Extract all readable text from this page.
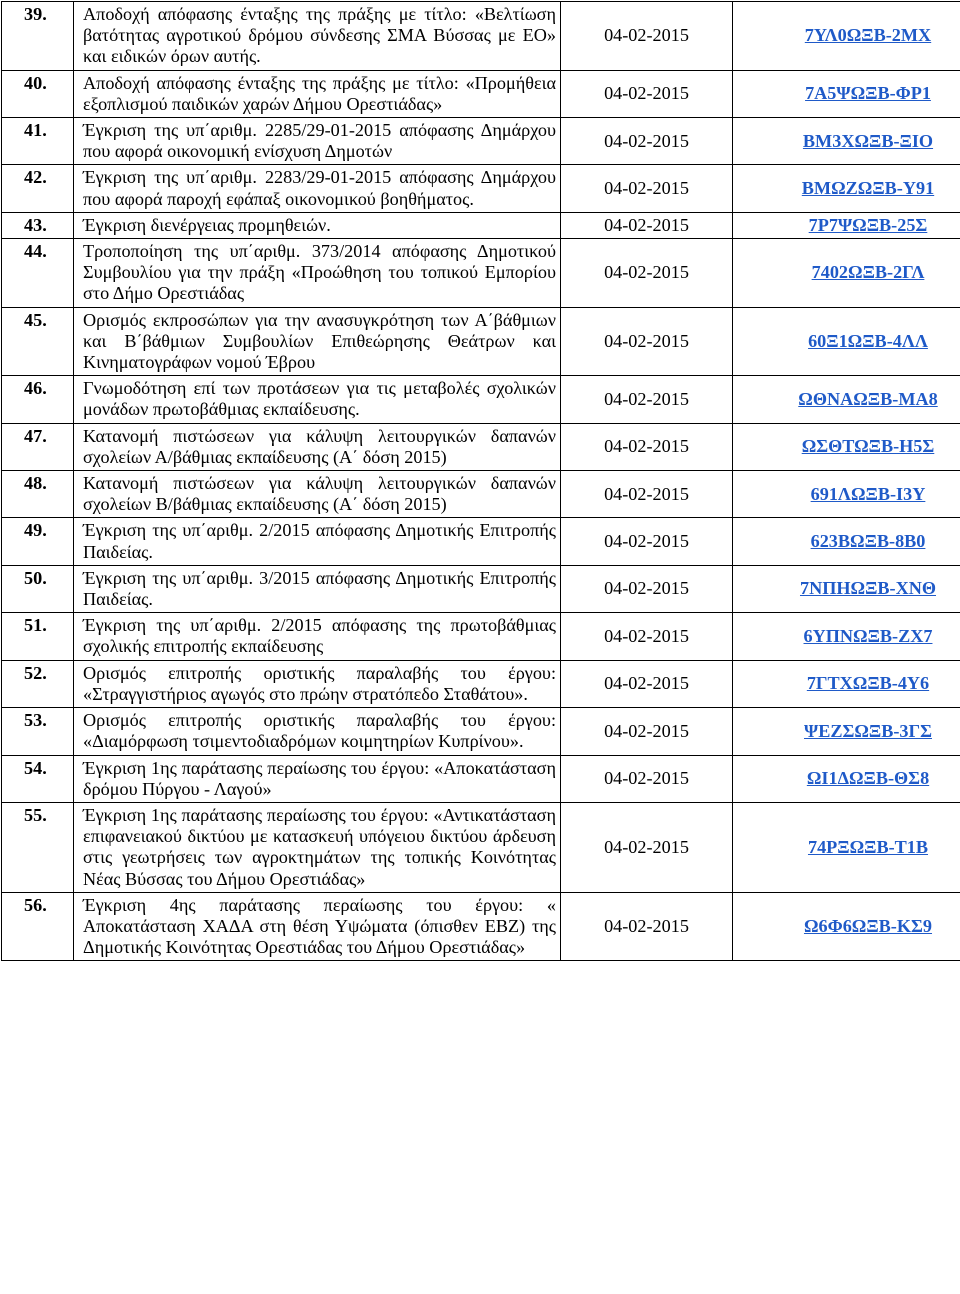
39.	Αποδοχή απόφασης ένταξης της πράξης με τίτλο: «Βελτίωση βατότητας αγροτικού δρόμου σύνδεσης ΣΜΑ Βύσσας με ΕΟ» και ειδικών όρων αυτής.	04-02-2015	7ΥΛ0ΩΞΒ-2ΜΧ
40.	Αποδοχή απόφασης ένταξης της πράξης με τίτλο: «Προμήθεια εξοπλισμού παιδικών χαρών Δήμου Ορεστιάδας»	04-02-2015	7Α5ΨΩΞΒ-ΦΡ1
41.	Έγκριση της υπ΄αριθμ. 2285/29-01-2015 απόφασης Δημάρχου που αφορά οικονομική ενίσχυση Δημοτών	04-02-2015	ΒΜ3ΧΩΞΒ-ΞΙΟ
42.	Έγκριση της υπ΄αριθμ. 2283/29-01-2015 απόφασης Δημάρχου που αφορά παροχή εφάπαξ οικονομικού βοηθήματος.	04-02-2015	ΒΜΩΖΩΞΒ-Υ91
43.	Έγκριση διενέργειας προμηθειών.	04-02-2015	7Ρ7ΨΩΞΒ-25Σ
44.	Τροποποίηση της υπ΄αριθμ. 373/2014 απόφασης Δημοτικού Συμβουλίου για την πράξη «Προώθηση του τοπικού Εμπορίου στο Δήμο Ορεστιάδας	04-02-2015	7402ΩΞΒ-2ΓΛ
45.	Ορισμός εκπροσώπων για την ανασυγκρότηση των Α΄βάθμιων και Β΄βάθμιων Συμβουλίων Επιθεώρησης Θεάτρων και Κινηματογράφων νομού Έβρου	04-02-2015	60Ξ1ΩΞΒ-4ΛΛ
46.	Γνωμοδότηση επί των προτάσεων για τις μεταβολές σχολικών μονάδων πρωτοβάθμιας εκπαίδευσης.	04-02-2015	ΩΘΝΑΩΞΒ-ΜΑ8
47.	Κατανομή πιστώσεων για κάλυψη λειτουργικών δαπανών σχολείων Α/βάθμιας εκπαίδευσης (Α΄ δόση 2015)	04-02-2015	ΩΣΘΤΩΞΒ-Η5Σ
48.	Κατανομή πιστώσεων για κάλυψη λειτουργικών δαπανών σχολείων Β/βάθμιας εκπαίδευσης (Α΄ δόση 2015)	04-02-2015	691ΛΩΞΒ-Ι3Υ
49.	Έγκριση της υπ΄αριθμ. 2/2015 απόφασης Δημοτικής Επιτροπής Παιδείας.	04-02-2015	623ΒΩΞΒ-8Β0
50.	Έγκριση της υπ΄αριθμ. 3/2015 απόφασης Δημοτικής Επιτροπής Παιδείας.	04-02-2015	7ΝΠΗΩΞΒ-ΧΝΘ
51.	Έγκριση της υπ΄αριθμ. 2/2015 απόφασης της πρωτοβάθμιας σχολικής επιτροπής εκπαίδευσης	04-02-2015	6ΥΠΝΩΞΒ-ΖΧ7
52.	Ορισμός επιτροπής οριστικής παραλαβής του έργου: «Στραγγιστήριος αγωγός στο πρώην στρατόπεδο Σταθάτου».	04-02-2015	7ΓΤΧΩΞΒ-4Υ6
53.	Ορισμός επιτροπής οριστικής παραλαβής του έργου: «Διαμόρφωση τσιμεντοδιαδρόμων κοιμητηρίων Κυπρίνου».	04-02-2015	ΨΕΖΣΩΞΒ-3ΓΣ
54.	Έγκριση 1ης παράτασης περαίωσης του έργου: «Αποκατάσταση δρόμου Πύργου - Λαγού»	04-02-2015	ΩΙ1ΔΩΞΒ-ΘΣ8
55.	Έγκριση 1ης παράτασης περαίωσης του έργου: «Αντικατάσταση επιφανειακού δικτύου με κατασκευή υπόγειου δικτύου άρδευση στις γεωτρήσεις των αγροκτημάτων της τοπικής Κοινότητας Νέας Βύσσας του Δήμου Ορεστιάδας»	04-02-2015	74ΡΞΩΞΒ-Τ1Β
56.	Έγκριση 4ης παράτασης περαίωσης του έργου: « Αποκατάσταση ΧΑΔΑ στη θέση Υψώματα (όπισθεν ΕΒΖ) της Δημοτικής Κοινότητας Ορεστιάδας του Δήμου Ορεστιάδας»	04-02-2015	Ω6Φ6ΩΞΒ-ΚΣ9
